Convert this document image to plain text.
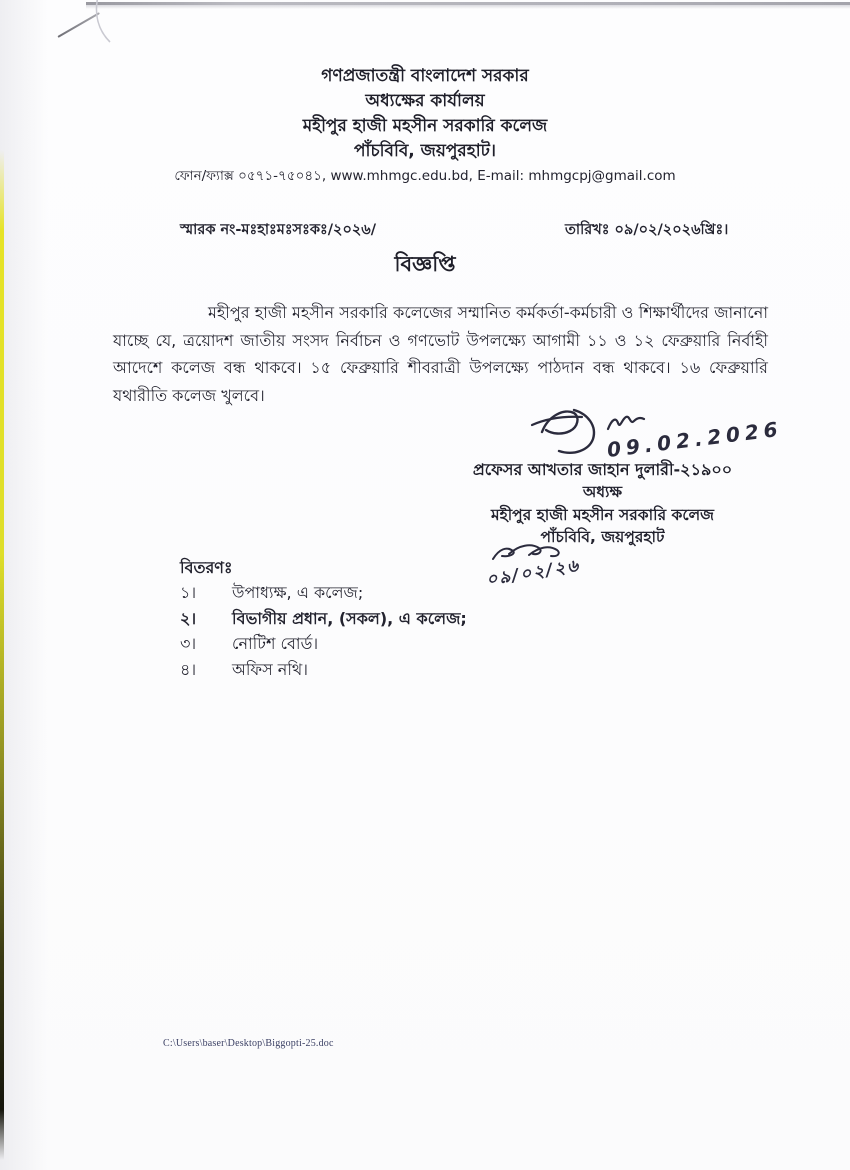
গণপ্রজাতন্ত্রী বাংলাদেশ সরকার
অধ্যক্ষের কার্যালয়
মহীপুর হাজী মহসীন সরকারি কলেজ
পাঁচবিবি, জয়পুরহাট।
ফোন/ফ্যাক্স ০৫৭১-৭৫০৪১, www.mhmgc.edu.bd, E-mail: mhmgcpj@gmail.com
স্মারক নং-মঃহাঃমঃসঃকঃ/২০২৬/	তারিখঃ ০৯/০২/২০২৬খ্রিঃ।
বিজ্ঞপ্তি
মহীপুর হাজী মহসীন সরকারি কলেজের সম্মানিত কর্মকর্তা-কর্মচারী ও শিক্ষার্থীদের জানানো যাচ্ছে যে, ত্রয়োদশ জাতীয় সংসদ নির্বাচন ও গণভোট উপলক্ষ্যে আগামী ১১ ও ১২ ফেব্রুয়ারি নির্বাহী আদেশে কলেজ বন্ধ থাকবে। ১৫ ফেব্রুয়ারি শীবরাত্রী উপলক্ষ্যে পাঠদান বন্ধ থাকবে। ১৬ ফেব্রুয়ারি যথারীতি কলেজ খুলবে।
09.02.2026
প্রফেসর আখতার জাহান দুলারী-২১৯০০
অধ্যক্ষ
মহীপুর হাজী মহসীন সরকারি কলেজ
পাঁচবিবি, জয়পুরহাট
০৯/০২/২৬
বিতরণঃ
১।	উপাধ্যক্ষ, এ কলেজ;
২।	বিভাগীয় প্রধান, (সকল), এ কলেজ;
৩।	নোটিশ বোর্ড।
৪।	অফিস নথি।
C:\Users\baser\Desktop\Biggopti-25.doc
